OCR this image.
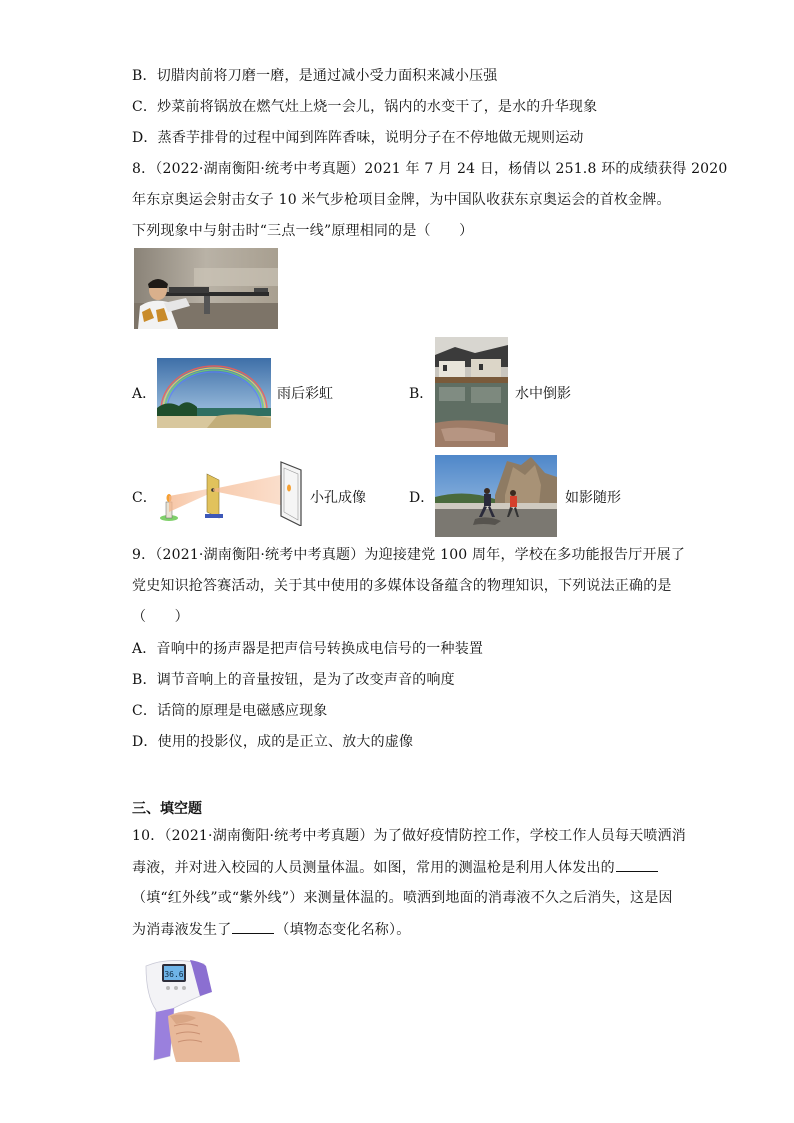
B．切腊肉前将刀磨一磨，是通过减小受力面积来减小压强
C．炒菜前将锅放在燃气灶上烧一会儿，锅内的水变干了，是水的升华现象
D．蒸香芋排骨的过程中闻到阵阵香味，说明分子在不停地做无规则运动
8．（2022·湖南衡阳·统考中考真题）2021 年 7 月 24 日，杨倩以 251.8 环的成绩获得 2020
年东京奥运会射击女子 10 米气步枪项目金牌，为中国队收获东京奥运会的首枚金牌。
下列现象中与射击时“三点一线”原理相同的是（　　）
A．	雨后彩虹	B．	水中倒影
C．	小孔成像	D．	如影随形
9．（2021·湖南衡阳·统考中考真题）为迎接建党 100 周年，学校在多功能报告厅开展了
党史知识抢答赛活动，关于其中使用的多媒体设备蕴含的物理知识，下列说法正确的是
（　　）
A．音响中的扬声器是把声信号转换成电信号的一种装置
B．调节音响上的音量按钮，是为了改变声音的响度
C．话筒的原理是电磁感应现象
D．使用的投影仪，成的是正立、放大的虚像
三、填空题
10．（2021·湖南衡阳·统考中考真题）为了做好疫情防控工作，学校工作人员每天喷洒消
毒液，并对进入校园的人员测量体温。如图，常用的测温枪是利用人体发出的
（填“红外线”或“紫外线”）来测量体温的。喷洒到地面的消毒液不久之后消失，这是因
为消毒液发生了	（填物态变化名称）。
36.6
